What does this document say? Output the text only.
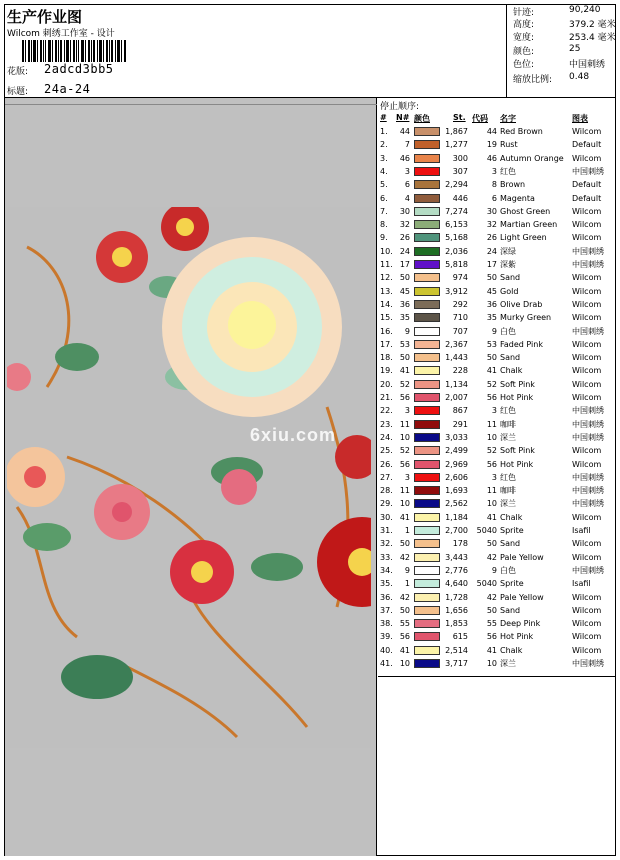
生产作业图
Wilcom 刺绣工作室 - 设计
花版: 2adcd3bb5
标题: 24a-24
针迹:	90,240
高度:	379.2 毫米
宽度:	253.4 毫米
颜色:	25
色位:	中国刺绣
缩放比例: 0.48
6xiu.com
停止顺序:
# N# 颜色	St. 代码 名字	图表
1.	44	1,867	44 Red Brown	Wilcom
2.	7	1,277	19 Rust	Default
3.	46	300	46 Autumn Orange Wilcom
4.	3	307	3 红色	中国刺绣
5.	6	2,294	8 Brown	Default
6.	4	446	6 Magenta	Default
7.	30	7,274	30 Ghost Green	Wilcom
8.	32	6,153	32 Martian Green Wilcom
9.	26	5,168	26 Light Green	Wilcom
10. 24	2,036	24 深绿	中国刺绣
11. 17	5,818	17 深紫	中国刺绣
12. 50	974	50 Sand	Wilcom
13. 45	3,912	45 Gold	Wilcom
14. 36	292	36 Olive Drab	Wilcom
15. 35	710	35 Murky Green	Wilcom
16.	9	707	9 白色	中国刺绣
17. 53	2,367	53 Faded Pink	Wilcom
18. 50	1,443	50 Sand	Wilcom
19. 41	228	41 Chalk	Wilcom
20. 52	1,134	52 Soft Pink	Wilcom
21. 56	2,007	56 Hot Pink	Wilcom
22.	3	867	3 红色	中国刺绣
23. 11	291	11 咖啡	中国刺绣
24. 10	3,033	10 深兰	中国刺绣
25. 52	2,499	52 Soft Pink	Wilcom
26. 56	2,969	56 Hot Pink	Wilcom
27.	3	2,606	3 红色	中国刺绣
28. 11	1,693	11 咖啡	中国刺绣
29. 10	2,562	10 深兰	中国刺绣
30. 41	1,184	41 Chalk	Wilcom
31.	1	2,700	5040 Sprite	Isafil
32. 50	178	50 Sand	Wilcom
33. 42	3,443	42 Pale Yellow	Wilcom
34.	9	2,776	9 白色	中国刺绣
35.	1	4,640	5040 Sprite	Isafil
36. 42	1,728	42 Pale Yellow	Wilcom
37. 50	1,656	50 Sand	Wilcom
38. 55	1,853	55 Deep Pink	Wilcom
39. 56	615	56 Hot Pink	Wilcom
40. 41	2,514	41 Chalk	Wilcom
41. 10	3,717	10 深兰	中国刺绣
